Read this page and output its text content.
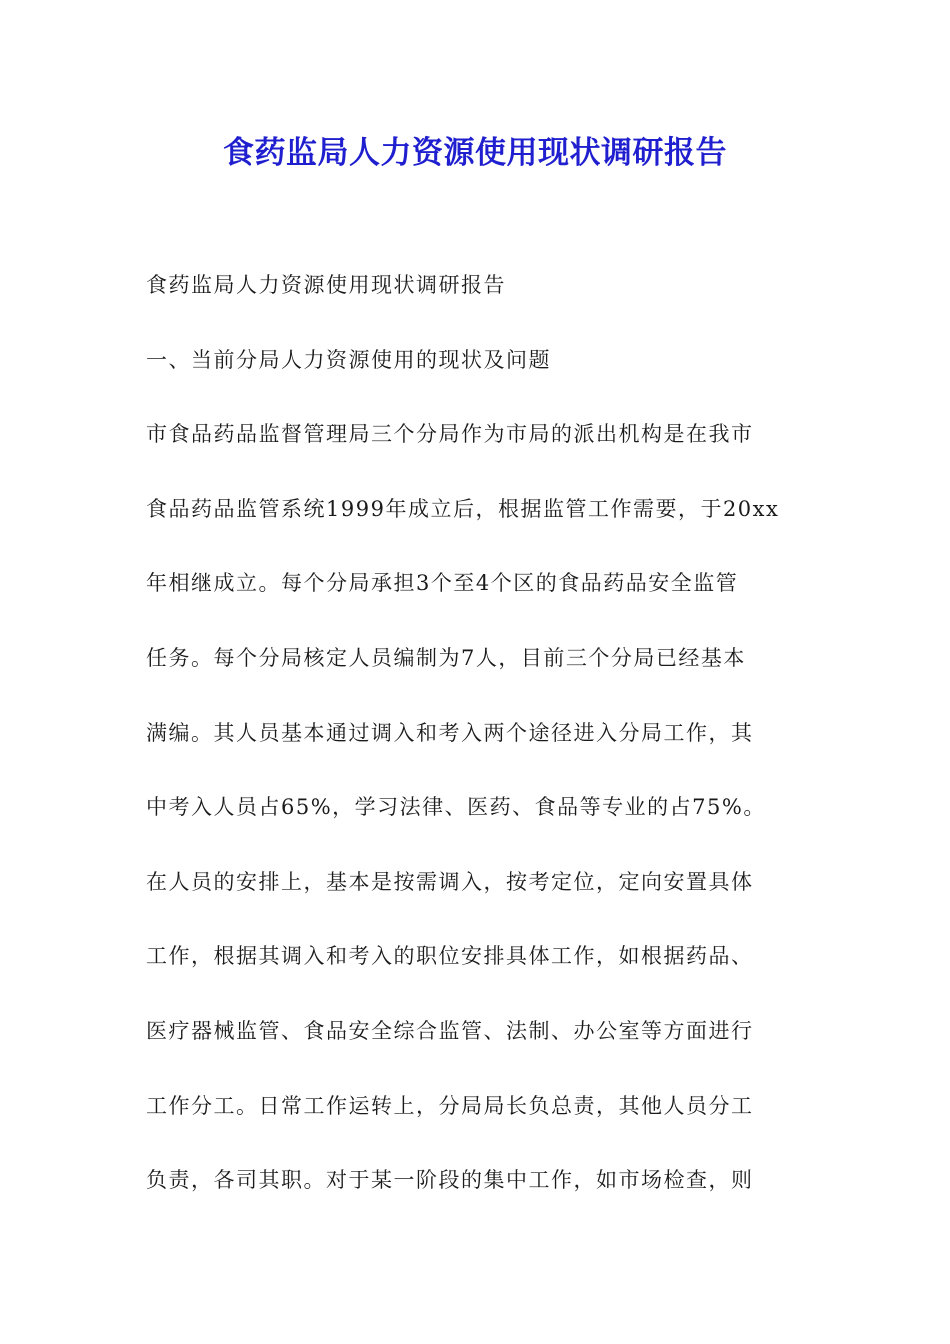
食药监局人力资源使用现状调研报告
食药监局人力资源使用现状调研报告
一、当前分局人力资源使用的现状及问题
市食品药品监督管理局三个分局作为市局的派出机构是在我市
食品药品监管系统1999年成立后，根据监管工作需要，于20xx
年相继成立。每个分局承担3个至4个区的食品药品安全监管
任务。每个分局核定人员编制为7人，目前三个分局已经基本
满编。其人员基本通过调入和考入两个途径进入分局工作，其
中考入人员占65%，学习法律、医药、食品等专业的占75%。
在人员的安排上，基本是按需调入，按考定位，定向安置具体
工作，根据其调入和考入的职位安排具体工作，如根据药品、
医疗器械监管、食品安全综合监管、法制、办公室等方面进行
工作分工。日常工作运转上，分局局长负总责，其他人员分工
负责，各司其职。对于某一阶段的集中工作，如市场检查，则
